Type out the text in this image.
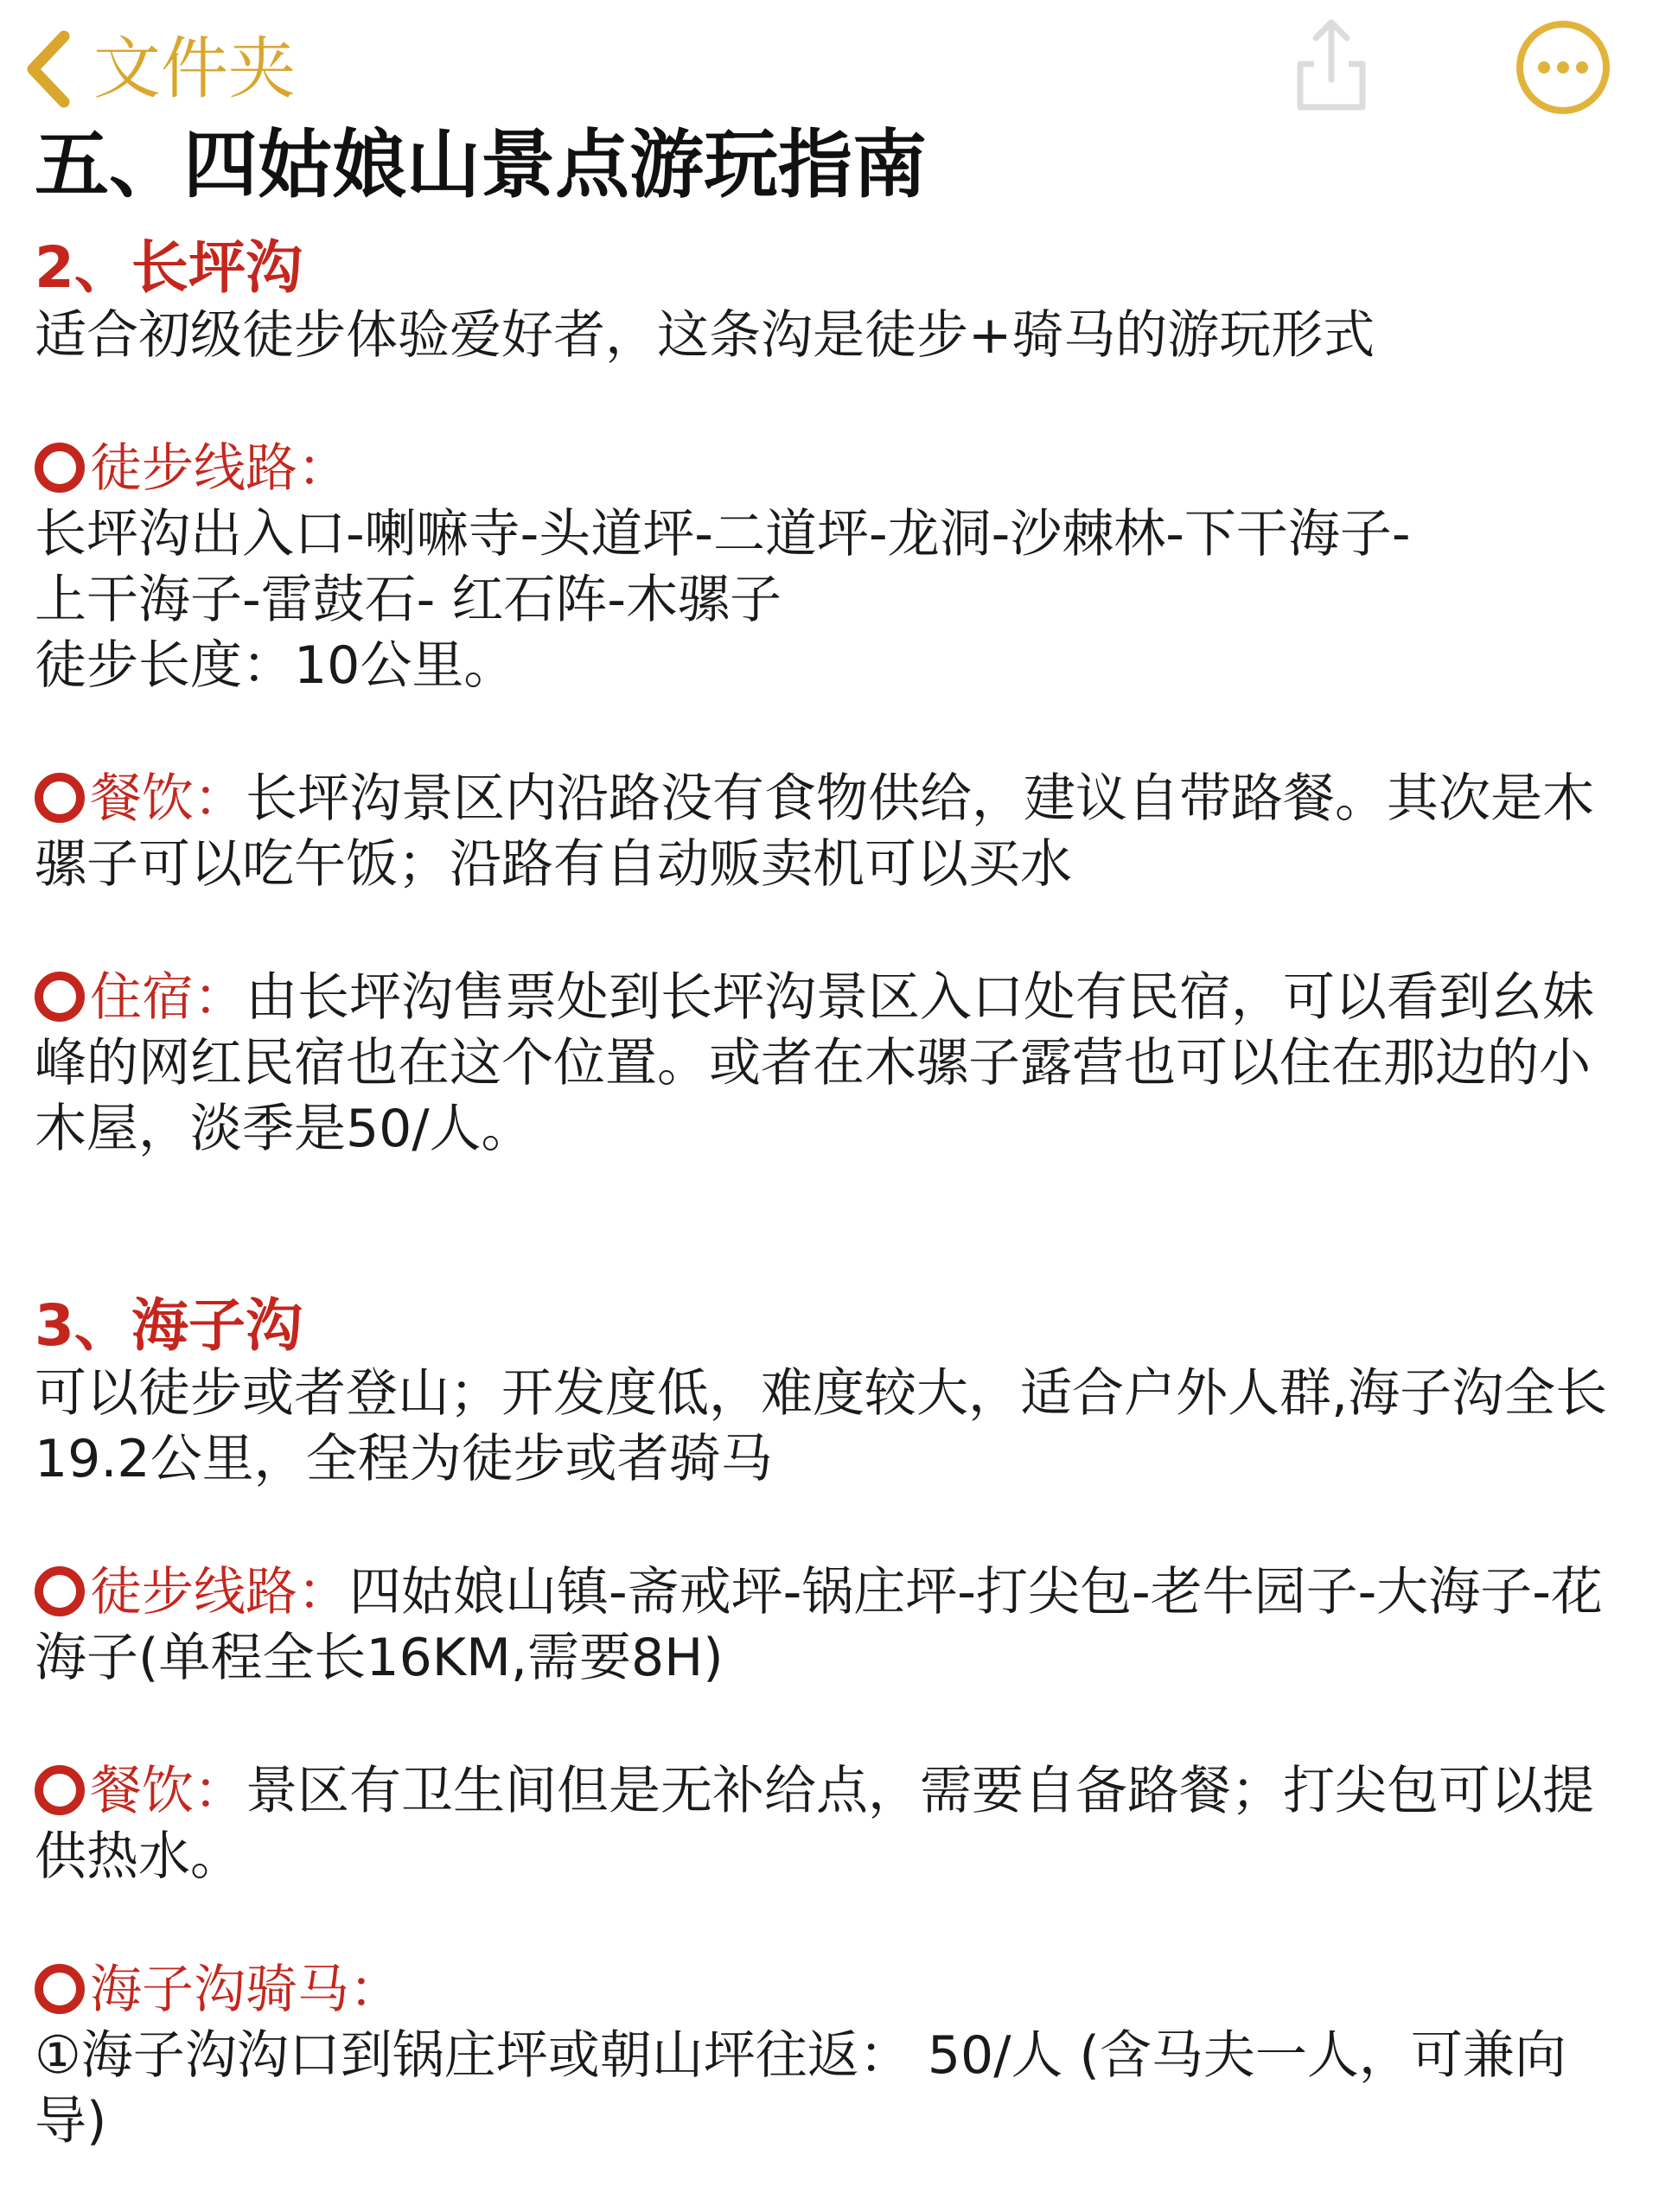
文件夹
五、四姑娘山景点游玩指南
2、长坪沟
适合初级徒步体验爱好者，这条沟是徒步+骑马的游玩形式
徒步线路：
长坪沟出入口-喇嘛寺-头道坪-二道坪-龙洞-沙棘林-下干海子-
上干海子-雷鼓石- 红石阵-木骡子
徒步长度：10公里。
餐饮：长坪沟景区内沿路没有食物供给，建议自带路餐。其次是木骡子可以吃午饭；沿路有自动贩卖机可以买水
住宿：由长坪沟售票处到长坪沟景区入口处有民宿，可以看到幺妹峰的网红民宿也在这个位置。或者在木骡子露营也可以住在那边的小木屋，淡季是50/人。
3、海子沟
可以徒步或者登山；开发度低，难度较大，适合户外人群,海子沟全长19.2公里，全程为徒步或者骑马
徒步线路：四姑娘山镇-斋戒坪-锅庄坪-打尖包-老牛园子-大海子-花海子(单程全长16KM,需要8H)
餐饮：景区有卫生间但是无补给点，需要自备路餐；打尖包可以提供热水。
海子沟骑马：
①海子沟沟口到锅庄坪或朝山坪往返： 50/人 (含马夫一人，可兼向导)
